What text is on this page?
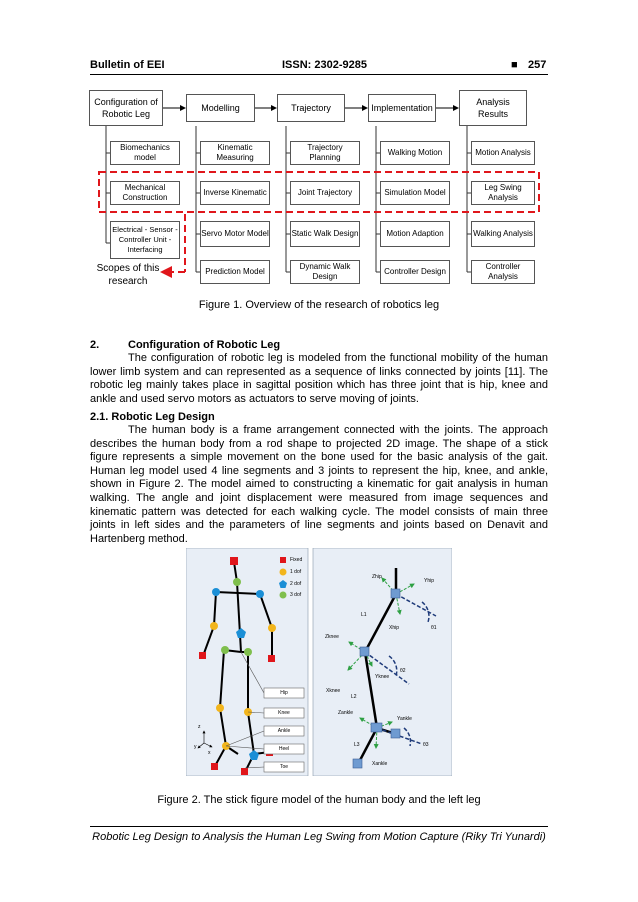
Bulletin of EEI	ISSN: 2302-9285	■ 257
Configuration of Robotic Leg
Modelling	Trajectory	Implementation
Analysis Results
Biomechanics model
Kinematic Measuring
Trajectory Planning
Walking Motion	Motion Analysis
Mechanical Construction
Inverse Kinematic	Joint Trajectory	Simulation Model
Leg Swing Analysis
Electrical - Sensor - Controller Unit - Interfacing
Servo Motor Model	Static Walk Design	Motion Adaption	Walking Analysis
Prediction Model
Dynamic Walk Design
Controller Design
Controller Analysis
Scopes of this research
Figure 1. Overview of the research of robotics leg
2.	Configuration of Robotic Leg

The configuration of robotic leg is modeled from the functional mobility of the human lower limb system and can represented as a sequence of links connected by joints [11]. The robotic leg mainly takes place in sagittal position which has three joint that is hip, knee and ankle and used servo motors as actuators to serve moving of joints.

2.1. Robotic Leg Design

The human body is a frame arrangement connected with the joints. The approach describes the human body from a rod shape to projected 2D image. The shape of a stick figure represents a simple movement on the bone used for the basic analysis of the gait. Human leg model used 4 line segments and 3 joints to represent the hip, knee, and ankle, shown in Figure 2. The model aimed to constructing a kinematic for gait analysis in human walking. The angle and joint displacement were measured from image sequences and kinematic pattern was detected for each walking cycle. The model consists of main three joints in left sides and the parameters of line segments and joints based on Denavit and Hartenberg method.

Fixed
1 dof
2 dof
3 dof
Hip
Knee
Ankle
Heel
Toe
z
y
x
Zhip
Yhip
Xhip
L1
θ1
Zknee
Yknee
Xknee
L2
θ2
Zankle
Yankle
Xankle
L3	θ3
Figure 2. The stick figure model of the human body and the left leg
Robotic Leg Design to Analysis the Human Leg Swing from Motion Capture (Riky Tri Yunardi)
